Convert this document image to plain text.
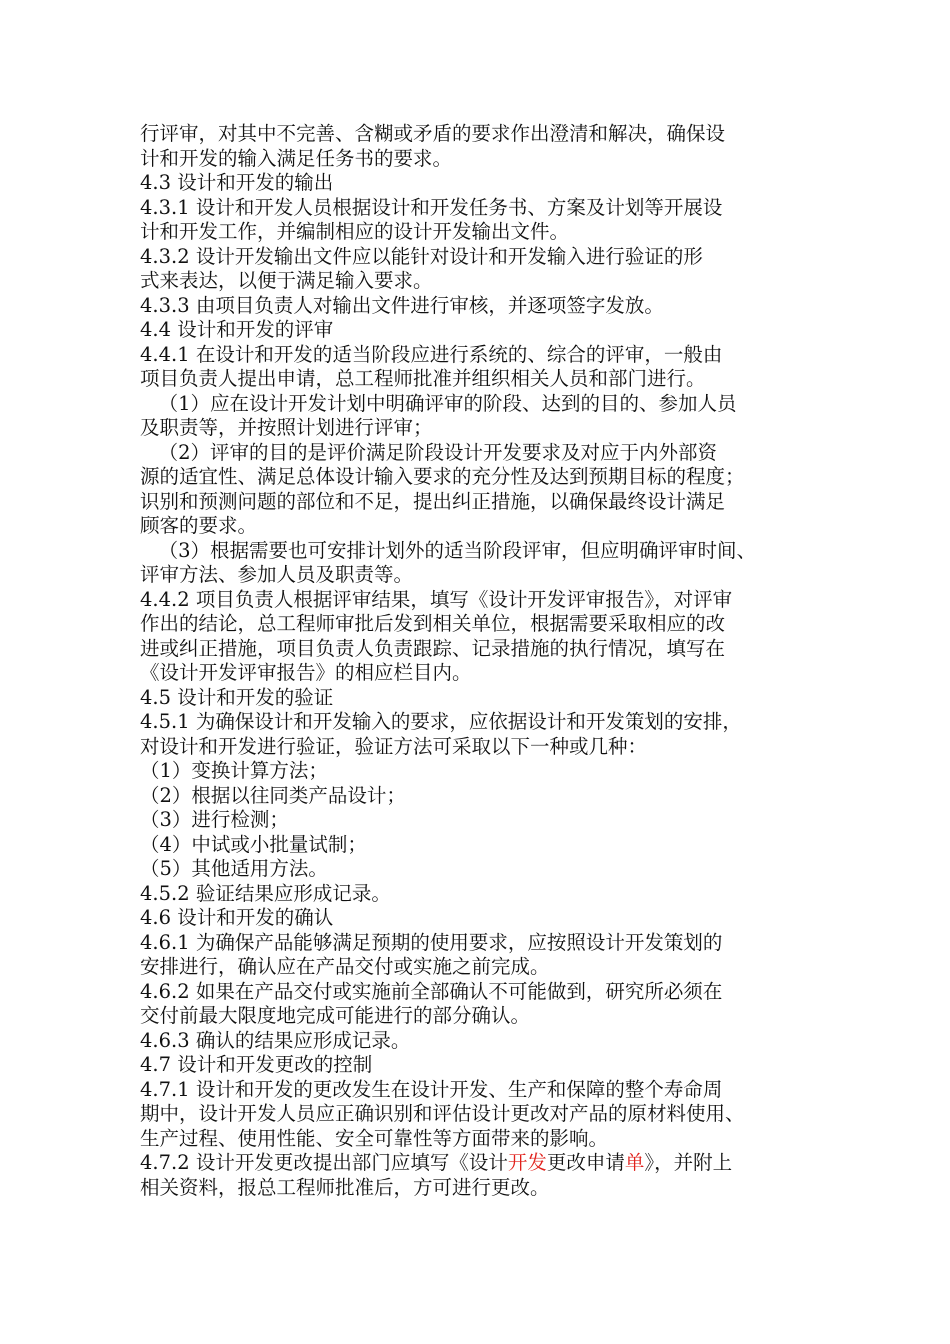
行评审，对其中不完善、含糊或矛盾的要求作出澄清和解决，确保设
计和开发的输入满足任务书的要求。
4.3 设计和开发的输出
4.3.1 设计和开发人员根据设计和开发任务书、方案及计划等开展设
计和开发工作，并编制相应的设计开发输出文件。
4.3.2 设计开发输出文件应以能针对设计和开发输入进行验证的形
式来表达，以便于满足输入要求。
4.3.3 由项目负责人对输出文件进行审核，并逐项签字发放。
4.4 设计和开发的评审
4.4.1 在设计和开发的适当阶段应进行系统的、综合的评审，一般由
项目负责人提出申请，总工程师批准并组织相关人员和部门进行。
（1）应在设计开发计划中明确评审的阶段、达到的目的、参加人员
及职责等，并按照计划进行评审；
（2）评审的目的是评价满足阶段设计开发要求及对应于内外部资
源的适宜性、满足总体设计输入要求的充分性及达到预期目标的程度；
识别和预测问题的部位和不足，提出纠正措施，以确保最终设计满足
顾客的要求。
（3）根据需要也可安排计划外的适当阶段评审，但应明确评审时间、
评审方法、参加人员及职责等。
4.4.2 项目负责人根据评审结果，填写《设计开发评审报告》，对评审
作出的结论，总工程师审批后发到相关单位，根据需要采取相应的改
进或纠正措施，项目负责人负责跟踪、记录措施的执行情况，填写在
《设计开发评审报告》的相应栏目内。
4.5 设计和开发的验证
4.5.1 为确保设计和开发输入的要求，应依据设计和开发策划的安排，
对设计和开发进行验证，验证方法可采取以下一种或几种：
（1）变换计算方法；
（2）根据以往同类产品设计；
（3）进行检测；
（4）中试或小批量试制；
（5）其他适用方法。
4.5.2 验证结果应形成记录。
4.6 设计和开发的确认
4.6.1 为确保产品能够满足预期的使用要求，应按照设计开发策划的
安排进行，确认应在产品交付或实施之前完成。
4.6.2 如果在产品交付或实施前全部确认不可能做到，研究所必须在
交付前最大限度地完成可能进行的部分确认。
4.6.3 确认的结果应形成记录。
4.7 设计和开发更改的控制
4.7.1 设计和开发的更改发生在设计开发、生产和保障的整个寿命周
期中，设计开发人员应正确识别和评估设计更改对产品的原材料使用、
生产过程、使用性能、安全可靠性等方面带来的影响。
4.7.2 设计开发更改提出部门应填写《设计开发更改申请单》，并附上
相关资料，报总工程师批准后，方可进行更改。
